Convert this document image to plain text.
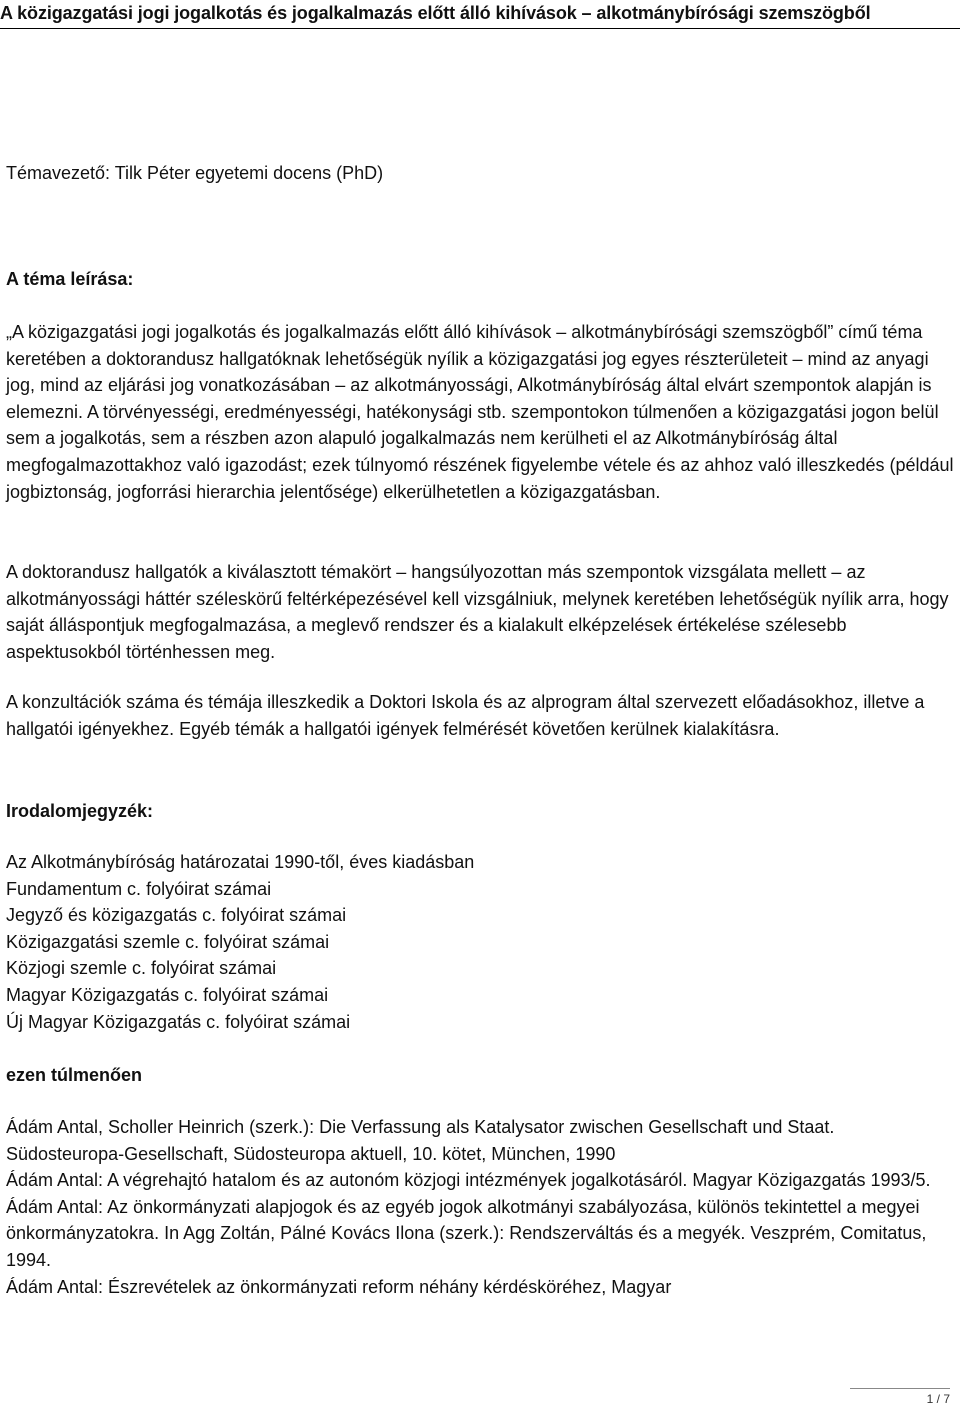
A közigazgatási jogi jogalkotás és jogalkalmazás előtt álló kihívások – alkotmánybírósági szemszögből
Témavezető: Tilk Péter egyetemi docens (PhD)
A téma leírása:
„A közigazgatási jogi jogalkotás és jogalkalmazás előtt álló kihívások – alkotmánybírósági szemszögből” című téma keretében a doktorandusz hallgatóknak lehetőségük nyílik a közigazgatási jog egyes részterületeit – mind az anyagi jog, mind az eljárási jog vonatkozásában – az alkotmányossági, Alkotmánybíróság által elvárt szempontok alapján is elemezni. A törvényességi, eredményességi, hatékonysági stb. szempontokon túlmenően a közigazgatási jogon belül sem a jogalkotás, sem a részben azon alapuló jogalkalmazás nem kerülheti el az Alkotmánybíróság által megfogalmazottakhoz való igazodást; ezek túlnyomó részének figyelembe vétele és az ahhoz való illeszkedés (például jogbiztonság, jogforrási hierarchia jelentősége) elkerülhetetlen a közigazgatásban.
A doktorandusz hallgatók a kiválasztott témakört – hangsúlyozottan más szempontok vizsgálata mellett – az alkotmányossági háttér széleskörű feltérképezésével kell vizsgálniuk, melynek keretében lehetőségük nyílik arra, hogy saját álláspontjuk megfogalmazása, a meglevő rendszer és a kialakult elképzelések értékelése szélesebb aspektusokból történhessen meg.
A konzultációk száma és témája illeszkedik a Doktori Iskola és az alprogram által szervezett előadásokhoz, illetve a hallgatói igényekhez. Egyéb témák a hallgatói igények felmérését követően kerülnek kialakításra.
Irodalomjegyzék:
Az Alkotmánybíróság határozatai 1990-től, éves kiadásban
Fundamentum c. folyóirat számai
Jegyző és közigazgatás c. folyóirat számai
Közigazgatási szemle c. folyóirat számai
Közjogi szemle c. folyóirat számai
Magyar Közigazgatás c. folyóirat számai
Új Magyar Közigazgatás c. folyóirat számai
ezen túlmenően
Ádám Antal, Scholler Heinrich (szerk.): Die Verfassung als Katalysator zwischen Gesellschaft und Staat. Südosteuropa-Gesellschaft, Südosteuropa aktuell, 10. kötet, München, 1990
Ádám Antal: A végrehajtó hatalom és az autonóm közjogi intézmények jogalkotásáról. Magyar Közigazgatás 1993/5.
Ádám Antal: Az önkormányzati alapjogok és az egyéb jogok alkotmányi szabályozása, különös tekintettel a megyei önkormányzatokra. In Agg Zoltán, Pálné Kovács Ilona (szerk.): Rendszerváltás és a megyék. Veszprém, Comitatus, 1994.
Ádám Antal: Észrevételek az önkormányzati reform néhány kérdésköréhez, Magyar
1 / 7
